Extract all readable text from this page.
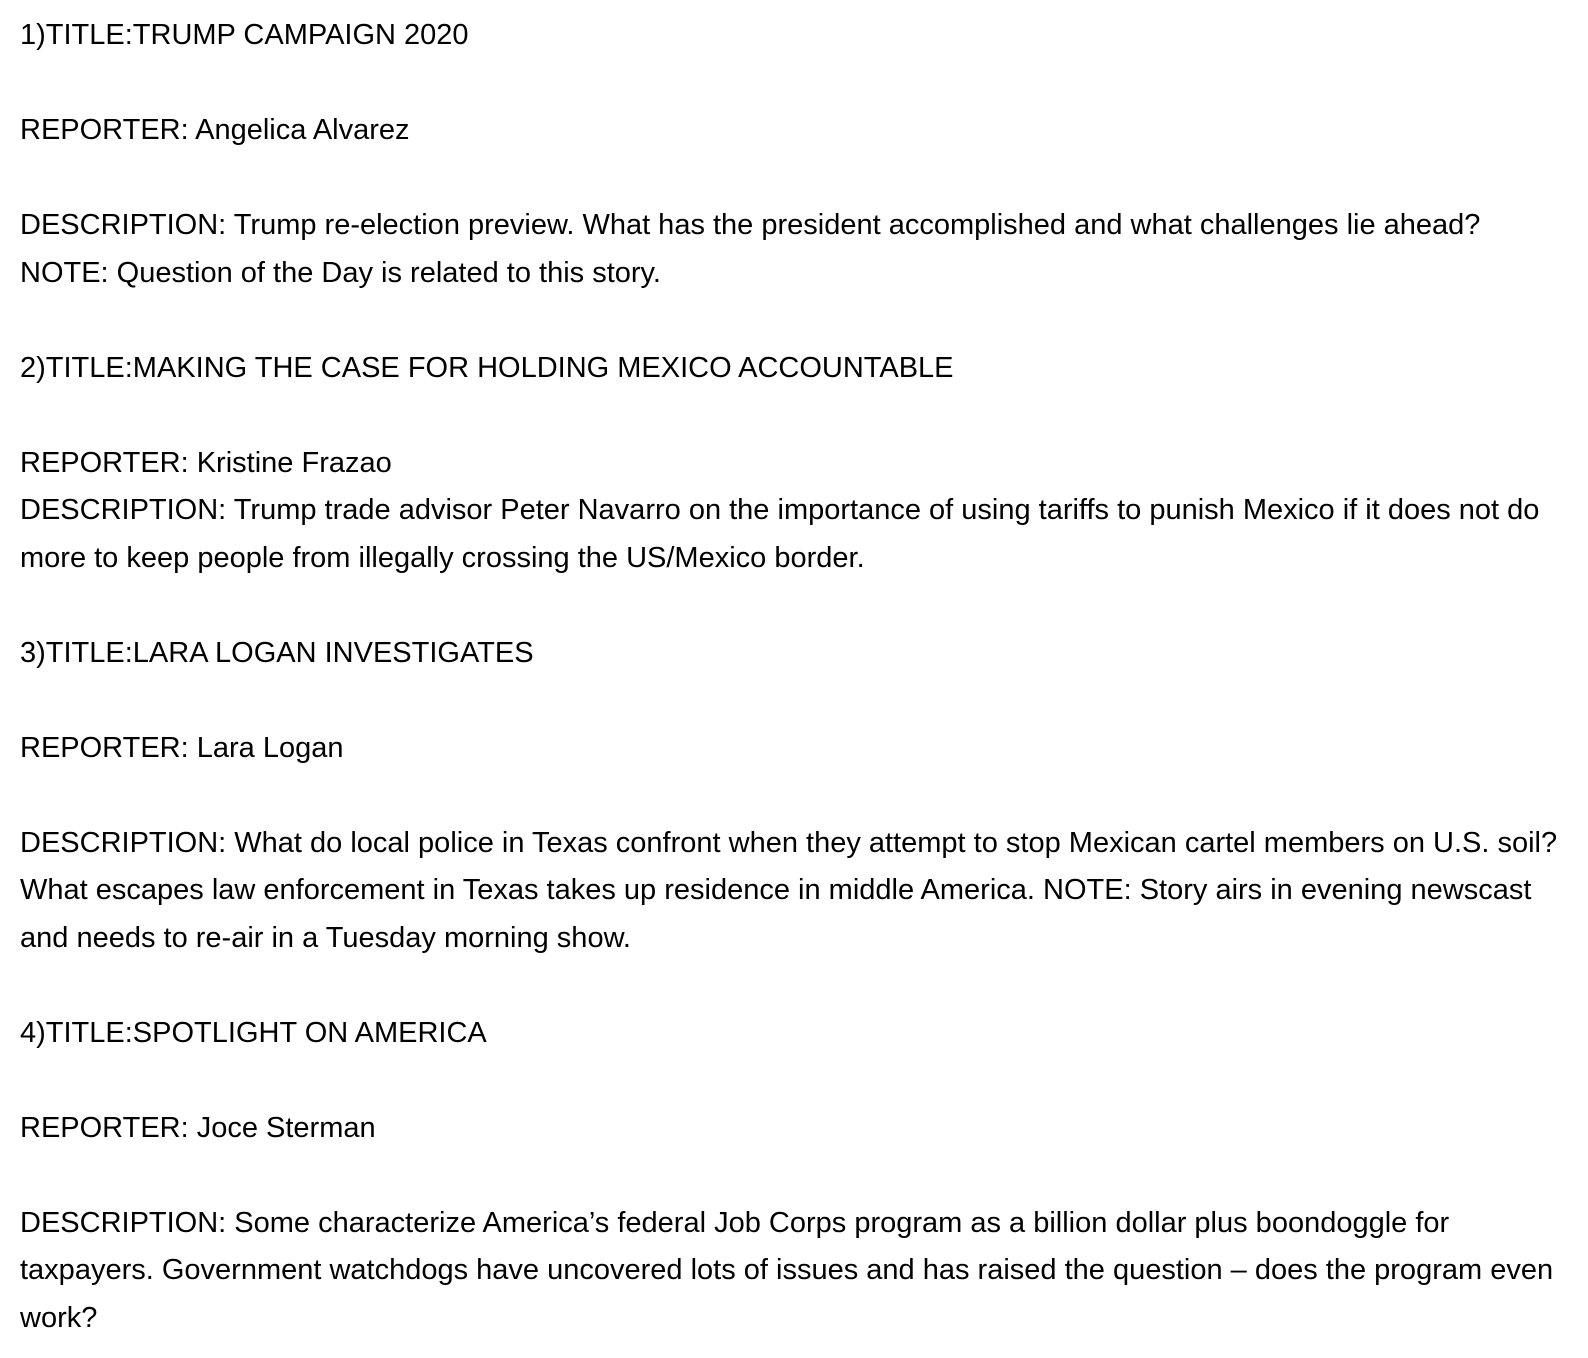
1)TITLE:TRUMP CAMPAIGN 2020

REPORTER: Angelica Alvarez

DESCRIPTION: Trump re-election preview. What has the president accomplished and what challenges lie ahead?  NOTE: Question of the Day is related to this story.

2)TITLE:MAKING THE CASE FOR HOLDING MEXICO ACCOUNTABLE

REPORTER: Kristine Frazao

DESCRIPTION: Trump trade advisor Peter Navarro on the importance of using tariffs to punish Mexico if it does not do more to keep people from illegally crossing the US/Mexico border.

3)TITLE:LARA LOGAN INVESTIGATES

REPORTER: Lara Logan

DESCRIPTION: What do local police in Texas confront when they attempt to stop Mexican cartel members on U.S. soil? What escapes law enforcement in Texas takes up residence in middle America. NOTE: Story airs in evening newscast and needs to re-air in a Tuesday morning show.

4)TITLE:SPOTLIGHT ON AMERICA

REPORTER: Joce Sterman

DESCRIPTION: Some characterize America’s federal Job Corps program as a billion dollar plus boondoggle for taxpayers. Government watchdogs have uncovered lots of issues and has raised the question – does the program even work?
